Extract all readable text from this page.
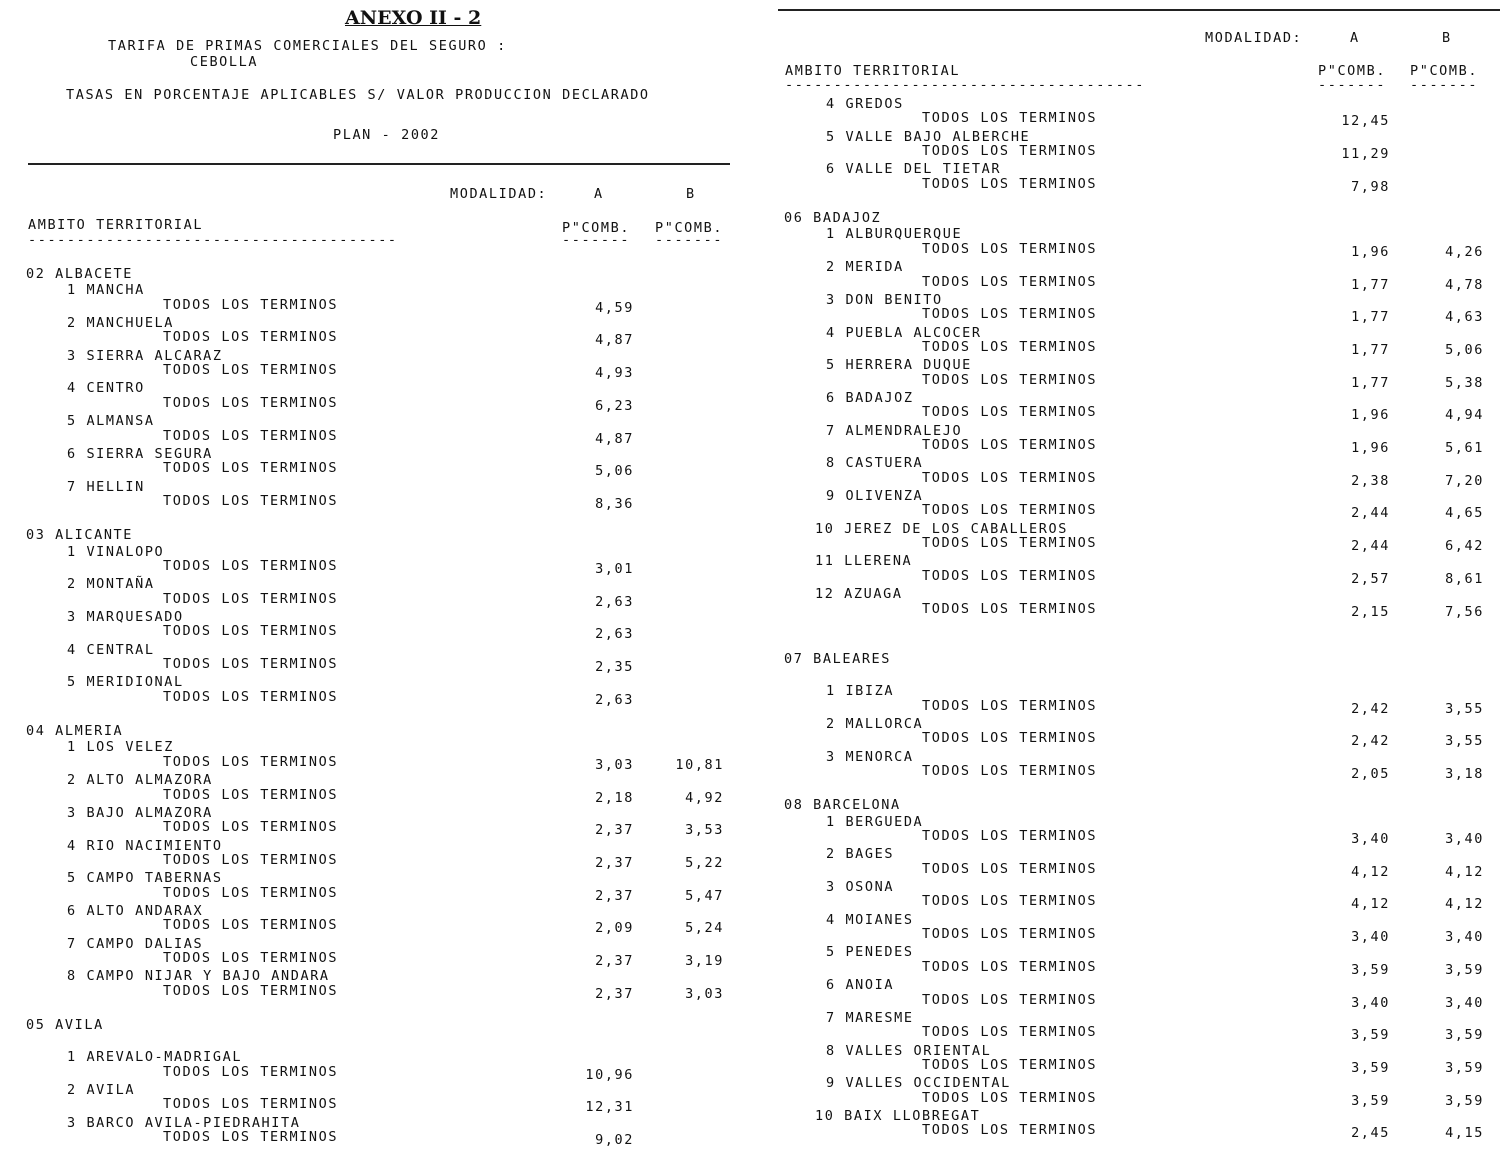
ANEXO II - 2
TARIFA DE PRIMAS COMERCIALES DEL SEGURO :
CEBOLLA
TASAS EN PORCENTAJE APLICABLES S/ VALOR PRODUCCION DECLARADO
PLAN - 2002
MODALIDAD:	A	B
AMBITO TERRITORIAL	P"COMB. P"COMB.
--------------------------------------	------- -------
02 ALBACETE
1 MANCHA
TODOS LOS TERMINOS	4,59
2 MANCHUELA
TODOS LOS TERMINOS	4,87
3 SIERRA ALCARAZ
TODOS LOS TERMINOS	4,93
4 CENTRO
TODOS LOS TERMINOS	6,23
5 ALMANSA
TODOS LOS TERMINOS	4,87
6 SIERRA SEGURA
TODOS LOS TERMINOS	5,06
7 HELLIN
TODOS LOS TERMINOS	8,36
03 ALICANTE
1 VINALOPO
TODOS LOS TERMINOS	3,01
2 MONTAÑA
TODOS LOS TERMINOS	2,63
3 MARQUESADO
TODOS LOS TERMINOS	2,63
4 CENTRAL
TODOS LOS TERMINOS	2,35
5 MERIDIONAL
TODOS LOS TERMINOS	2,63
04 ALMERIA
1 LOS VELEZ
TODOS LOS TERMINOS	3,03	10,81
2 ALTO ALMAZORA
TODOS LOS TERMINOS	2,18	4,92
3 BAJO ALMAZORA
TODOS LOS TERMINOS	2,37	3,53
4 RIO NACIMIENTO
TODOS LOS TERMINOS	2,37	5,22
5 CAMPO TABERNAS
TODOS LOS TERMINOS	2,37	5,47
6 ALTO ANDARAX
TODOS LOS TERMINOS	2,09	5,24
7 CAMPO DALIAS
TODOS LOS TERMINOS	2,37	3,19
8 CAMPO NIJAR Y BAJO ANDARA
TODOS LOS TERMINOS	2,37	3,03
05 AVILA
1 AREVALO-MADRIGAL
TODOS LOS TERMINOS	10,96
2 AVILA
TODOS LOS TERMINOS	12,31
3 BARCO AVILA-PIEDRAHITA
TODOS LOS TERMINOS	9,02
MODALIDAD:	A	B
AMBITO TERRITORIAL	P"COMB. P"COMB.
-------------------------------------	------- -------
4 GREDOS
TODOS LOS TERMINOS	12,45
5 VALLE BAJO ALBERCHE
TODOS LOS TERMINOS	11,29
6 VALLE DEL TIETAR
TODOS LOS TERMINOS	7,98
06 BADAJOZ
1 ALBURQUERQUE
TODOS LOS TERMINOS	1,96	4,26
2 MERIDA
TODOS LOS TERMINOS	1,77	4,78
3 DON BENITO
TODOS LOS TERMINOS	1,77	4,63
4 PUEBLA ALCOCER
TODOS LOS TERMINOS	1,77	5,06
5 HERRERA DUQUE
TODOS LOS TERMINOS	1,77	5,38
6 BADAJOZ
TODOS LOS TERMINOS	1,96	4,94
7 ALMENDRALEJO
TODOS LOS TERMINOS	1,96	5,61
8 CASTUERA
TODOS LOS TERMINOS	2,38	7,20
9 OLIVENZA
TODOS LOS TERMINOS	2,44	4,65
10 JEREZ DE LOS CABALLEROS
TODOS LOS TERMINOS	2,44	6,42
11 LLERENA
TODOS LOS TERMINOS	2,57	8,61
12 AZUAGA
TODOS LOS TERMINOS	2,15	7,56
07 BALEARES
1 IBIZA
TODOS LOS TERMINOS	2,42	3,55
2 MALLORCA
TODOS LOS TERMINOS	2,42	3,55
3 MENORCA
TODOS LOS TERMINOS	2,05	3,18
08 BARCELONA
1 BERGUEDA
TODOS LOS TERMINOS	3,40	3,40
2 BAGES
TODOS LOS TERMINOS	4,12	4,12
3 OSONA
TODOS LOS TERMINOS	4,12	4,12
4 MOIANES
TODOS LOS TERMINOS	3,40	3,40
5 PENEDES
TODOS LOS TERMINOS	3,59	3,59
6 ANOIA
TODOS LOS TERMINOS	3,40	3,40
7 MARESME
TODOS LOS TERMINOS	3,59	3,59
8 VALLES ORIENTAL
TODOS LOS TERMINOS	3,59	3,59
9 VALLES OCCIDENTAL
TODOS LOS TERMINOS	3,59	3,59
10 BAIX LLOBREGAT
TODOS LOS TERMINOS	2,45	4,15
